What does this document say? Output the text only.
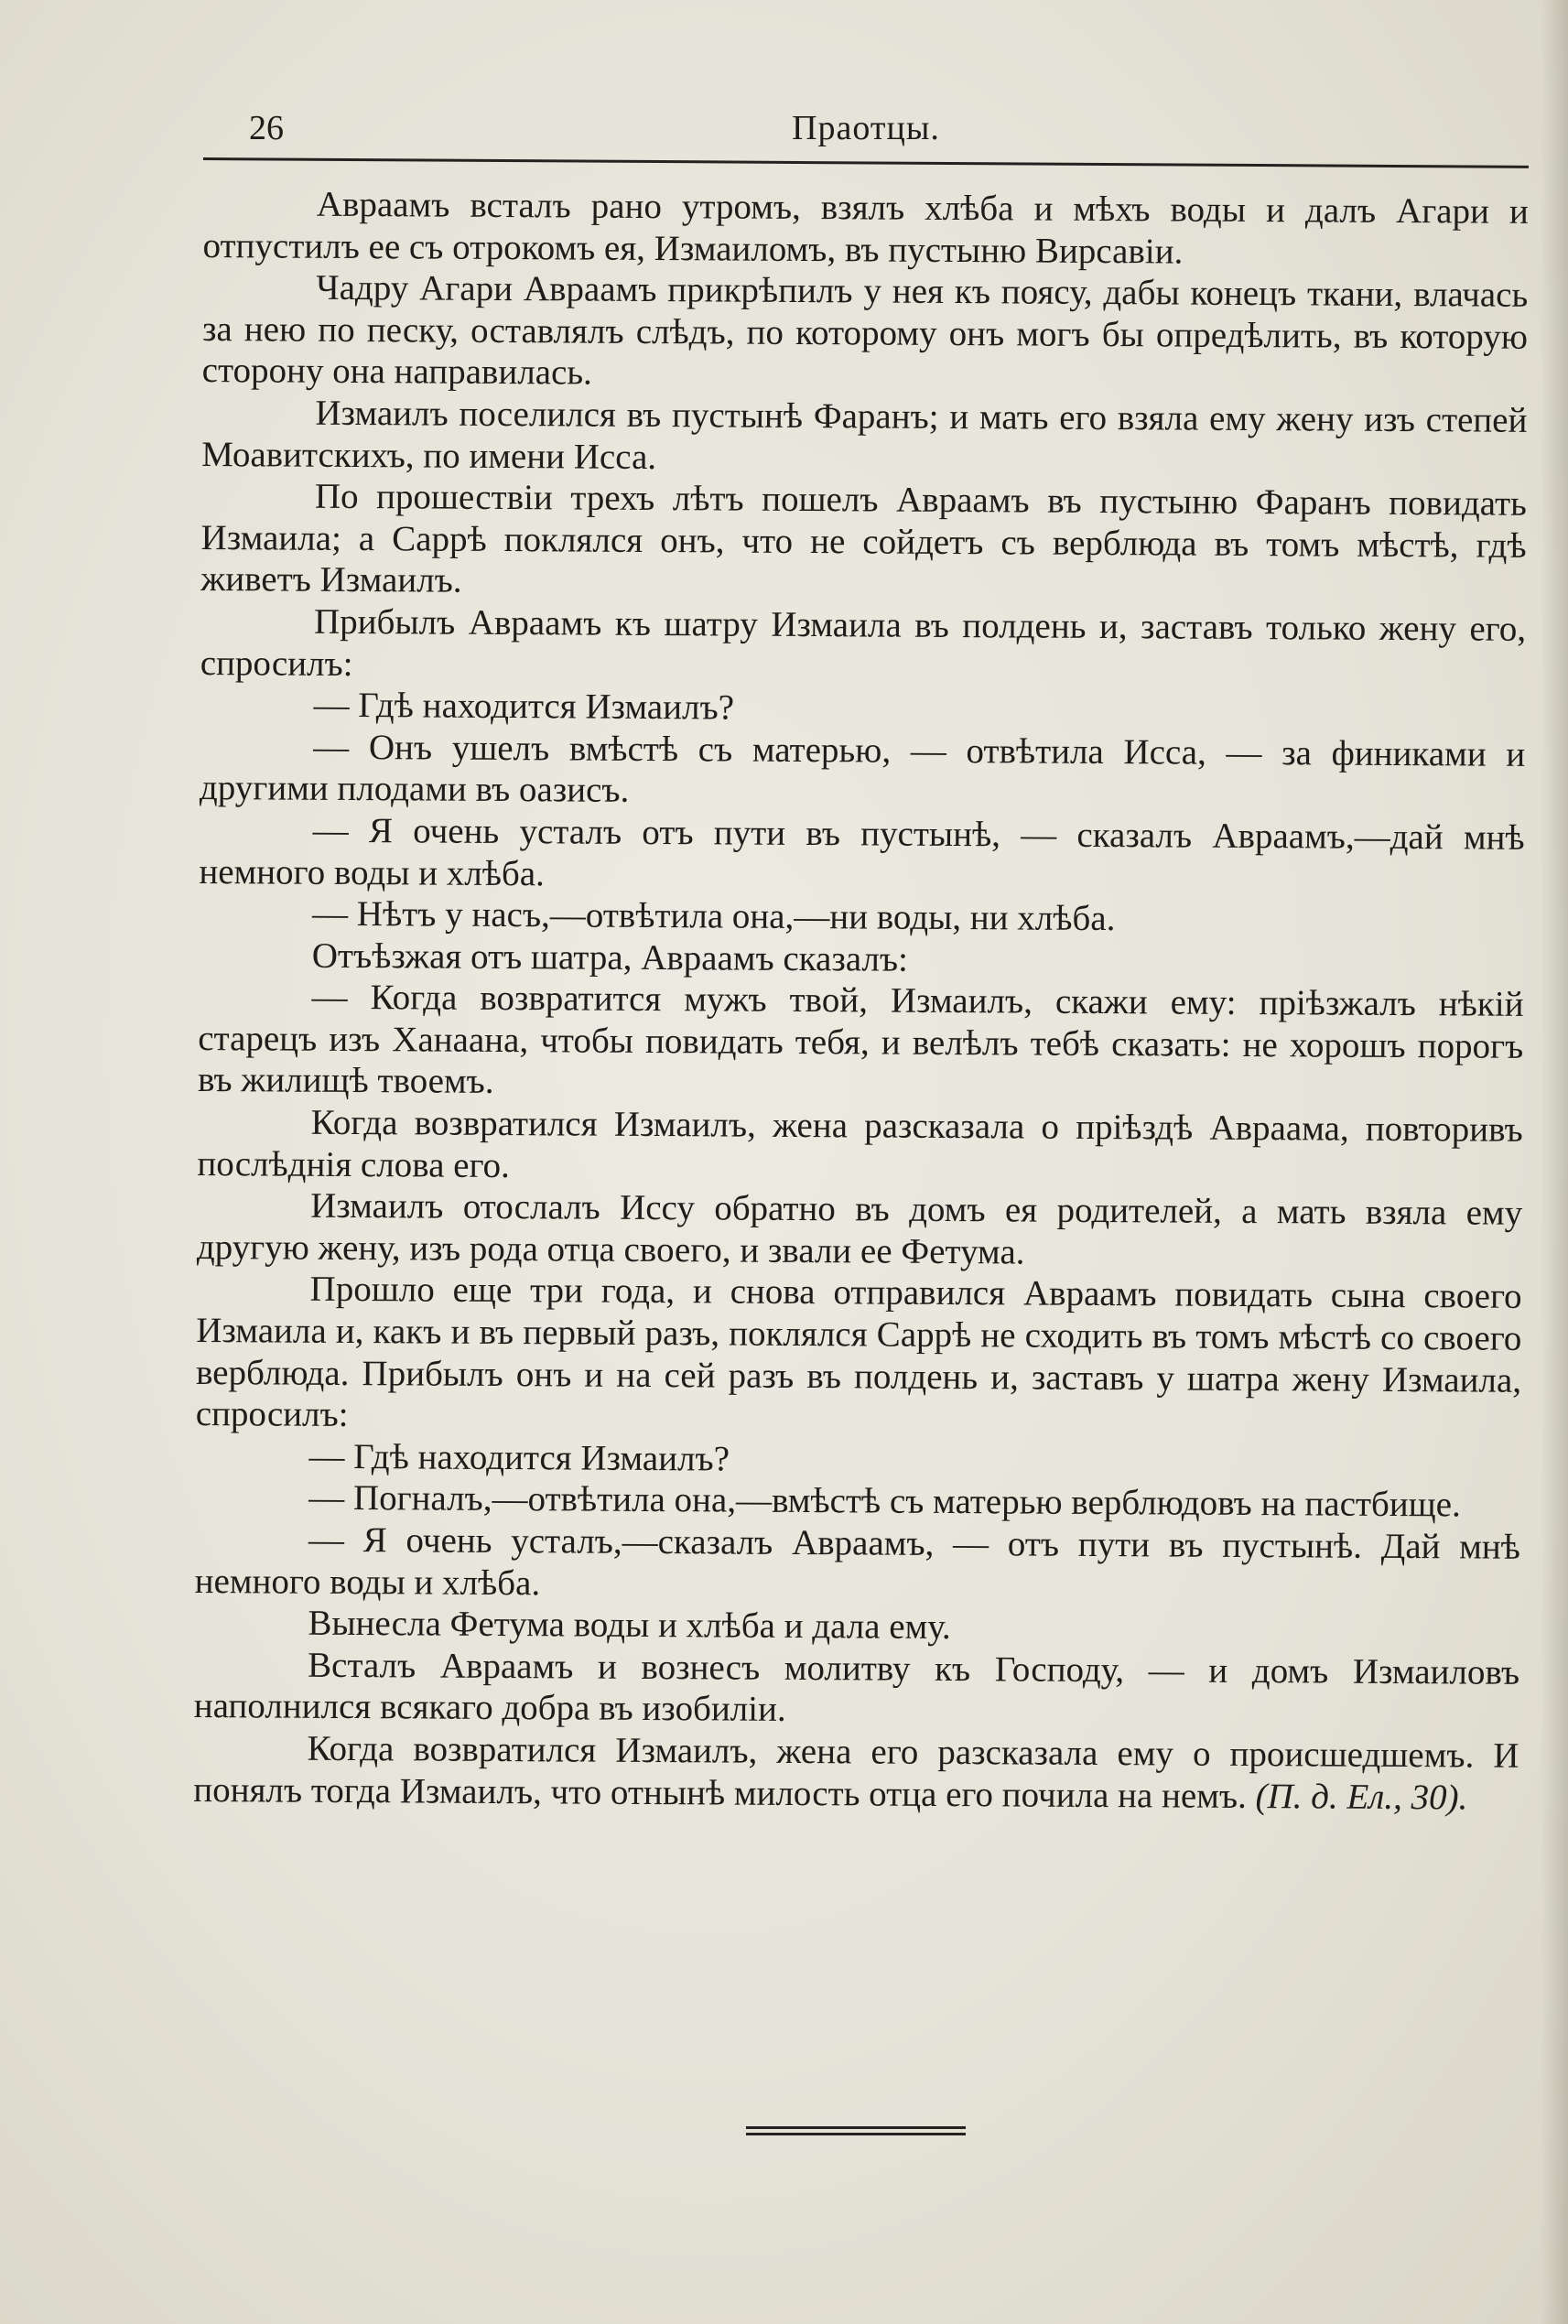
26	Праотцы.

Авраамъ всталъ рано утромъ, взялъ хлѣба и мѣхъ воды и далъ Агари и отпустилъ ее съ отрокомъ ея, Измаиломъ, въ пустыню Вирсавіи.

Чадру Агари Авраамъ прикрѣпилъ у нея къ поясу, дабы конецъ ткани, влачась за нею по песку, оставлялъ слѣдъ, по которому онъ могъ бы опредѣлить, въ которую сторону она направилась.

Измаилъ поселился въ пустынѣ Фаранъ; и мать его взяла ему жену изъ степей Моавитскихъ, по имени Исса.

По прошествіи трехъ лѣтъ пошелъ Авраамъ въ пустыню Фаранъ повидать Измаила; а Саррѣ поклялся онъ, что не сойдетъ съ верблюда въ томъ мѣстѣ, гдѣ живетъ Измаилъ.

Прибылъ Авраамъ къ шатру Измаила въ полдень и, заставъ только жену его, спросилъ:

— Гдѣ находится Измаилъ?

— Онъ ушелъ вмѣстѣ съ матерью, — отвѣтила Исса, — за финиками и другими плодами въ оазисъ.

— Я очень усталъ отъ пути въ пустынѣ, — сказалъ Авраамъ,—дай мнѣ немного воды и хлѣба.

— Нѣтъ у насъ,—отвѣтила она,—ни воды, ни хлѣба.

Отъѣзжая отъ шатра, Авраамъ сказалъ:

— Когда возвратится мужъ твой, Измаилъ, скажи ему: пріѣзжалъ нѣкій старецъ изъ Ханаана, чтобы повидать тебя, и велѣлъ тебѣ сказать: не хорошъ порогъ въ жилищѣ твоемъ.

Когда возвратился Измаилъ, жена разсказала о пріѣздѣ Авраама, повторивъ послѣднія слова его.

Измаилъ отослалъ Иссу обратно въ домъ ея родителей, а мать взяла ему другую жену, изъ рода отца своего, и звали ее Фетума.

Прошло еще три года, и снова отправился Авраамъ повидать сына своего Измаила и, какъ и въ первый разъ, поклялся Саррѣ не сходить въ томъ мѣстѣ со своего верблюда. Прибылъ онъ и на сей разъ въ полдень и, заставъ у шатра жену Измаила, спросилъ:

— Гдѣ находится Измаилъ?

— Погналъ,—отвѣтила она,—вмѣстѣ съ матерью верблюдовъ на пастбище.

— Я очень усталъ,—сказалъ Авраамъ, — отъ пути въ пустынѣ. Дай мнѣ немного воды и хлѣба.

Вынесла Фетума воды и хлѣба и дала ему.

Всталъ Авраамъ и вознесъ молитву къ Господу, — и домъ Измаиловъ наполнился всякаго добра въ изобиліи.

Когда возвратился Измаилъ, жена его разсказала ему о происшедшемъ. И понялъ тогда Измаилъ, что отнынѣ милость отца его почила на немъ. (П. д. Ел., 30).
